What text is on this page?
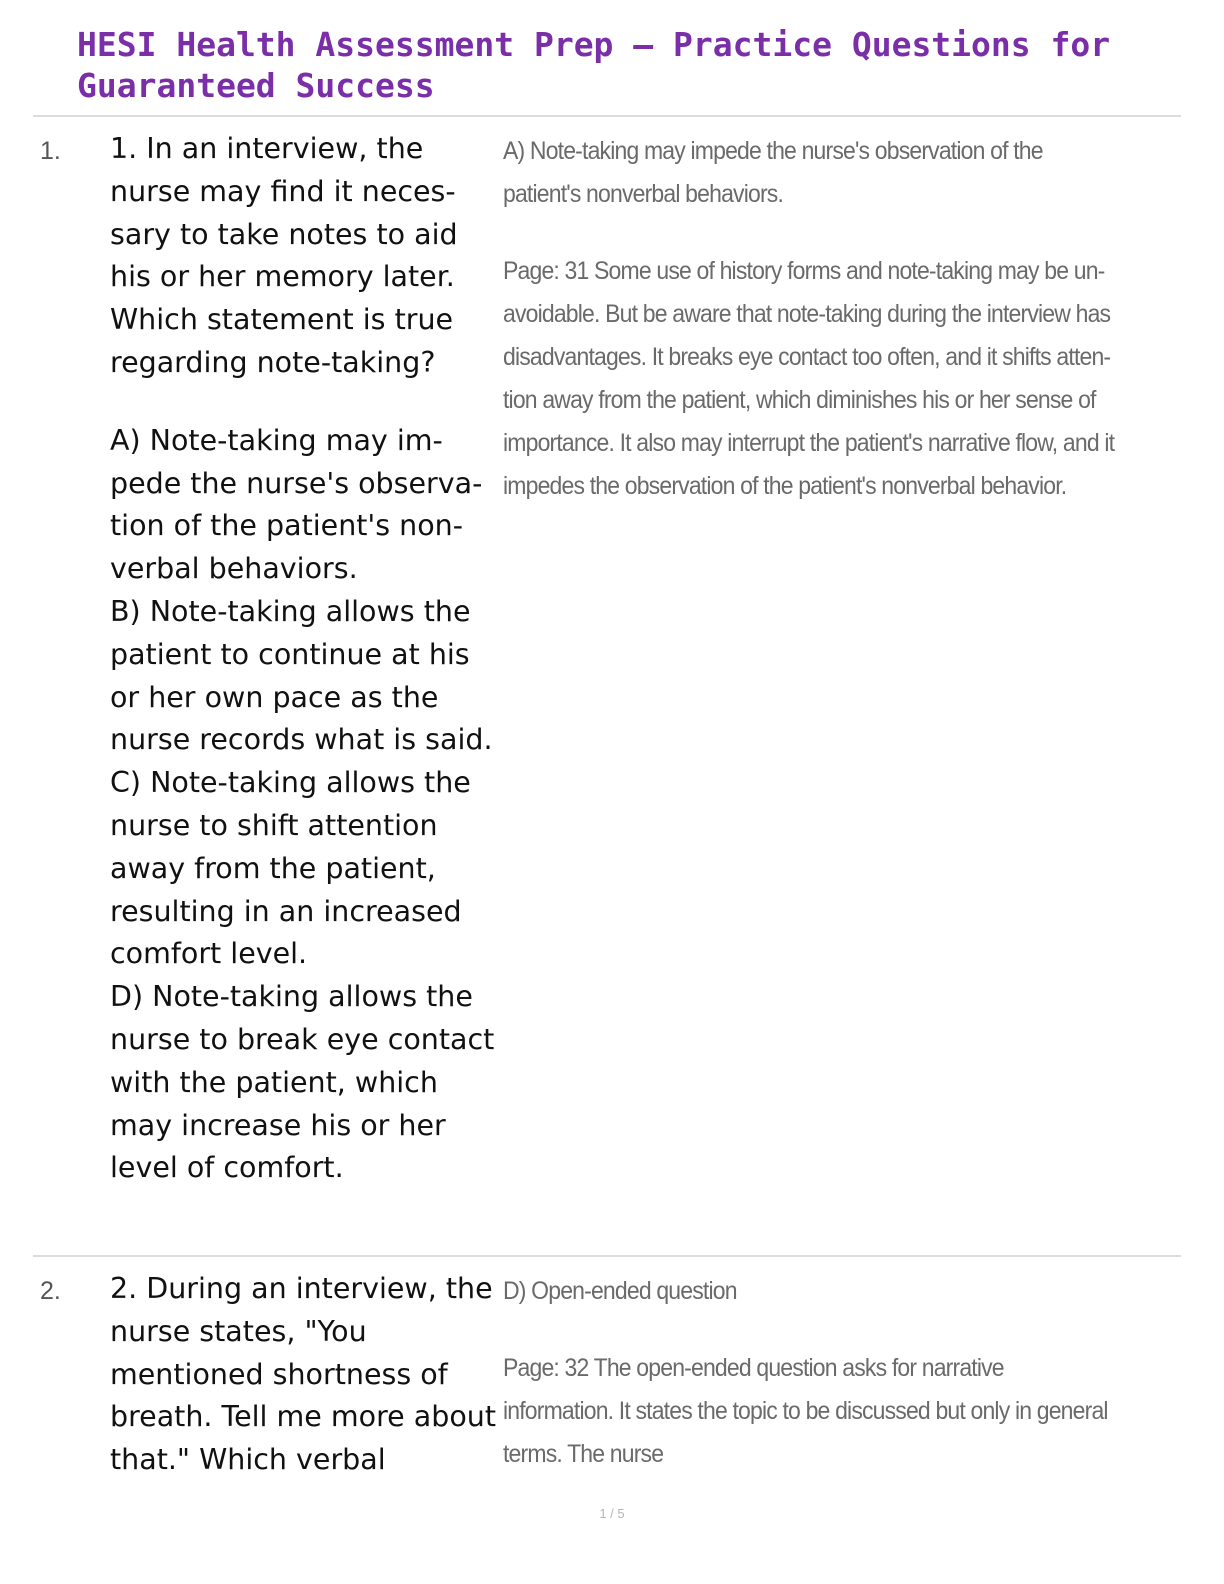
HESI Health Assessment Prep – Practice Questions for Guaranteed Success
1. 1. In an interview, the nurse may find it neces-sary to take notes to aid his or her memory later. Which statement is true regarding note-taking?

A) Note-taking may im-pede the nurse's observa-tion of the patient's non-verbal behaviors.

B) Note-taking allows the patient to continue at his or her own pace as the nurse records what is said.

C) Note-taking allows the nurse to shift attention away from the patient, resulting in an increased comfort level.

D) Note-taking allows the nurse to break eye contact with the patient, which may increase his or her level of comfort.

A) Note-taking may impede the nurse's observation of the patient's nonverbal behaviors.

Page: 31 Some use of history forms and note-taking may be un-avoidable. But be aware that note-taking during the interview has disadvantages. It breaks eye contact too often, and it shifts atten-tion away from the patient, which diminishes his or her sense of importance. It also may interrupt the patient's narrative flow, and it impedes the observation of the patient's nonverbal behavior.

2. 2. During an interview, the nurse states, "You mentioned shortness of breath. Tell me more about that." Which verbal

D) Open-ended question

Page: 32 The open-ended question asks for narrative information. It states the topic to be discussed but only in general terms. The nurse

1 / 5
